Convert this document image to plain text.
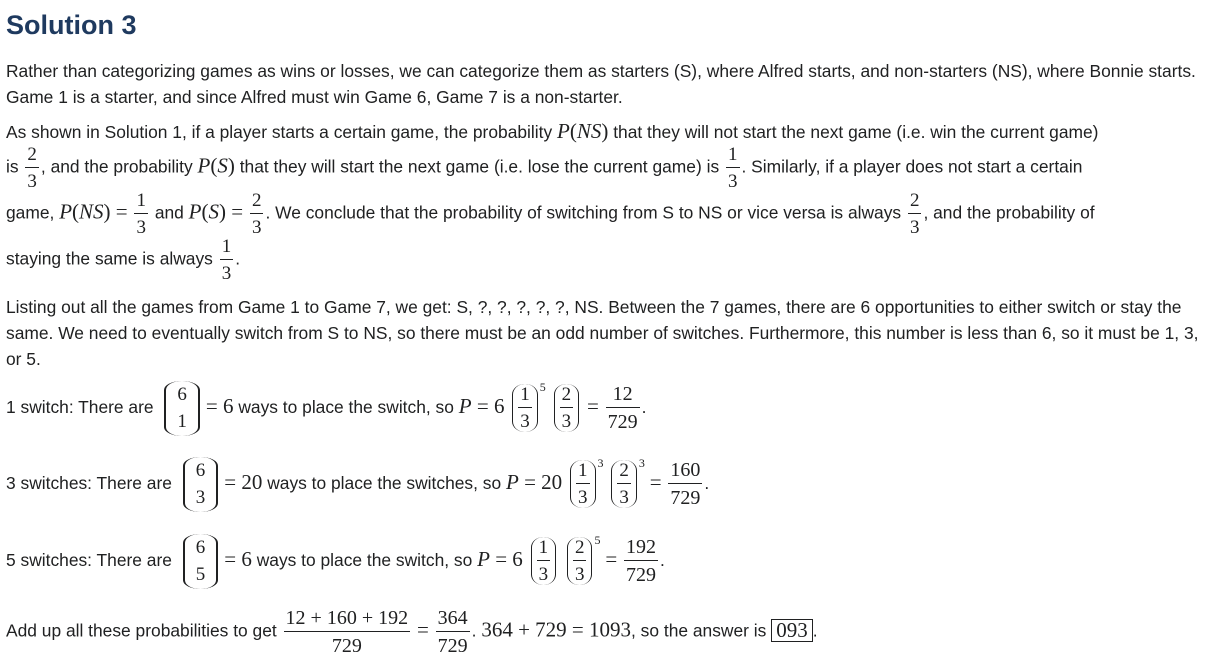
Solution 3

Rather than categorizing games as wins or losses, we can categorize them as starters (S), where Alfred starts, and non-starters (NS), where Bonnie starts. Game 1 is a starter, and since Alfred must win Game 6, Game 7 is a non-starter.

As shown in Solution 1, if a player starts a certain game, the probability P(NS) that they will not start the next game (i.e. win the current game)
is $\frac{2}{3}$ , and the probability P(S) that they will start the next game (i.e. lose the current game) is $\frac{1}{3}$ . Similarly, if a player does not start a certain
game, $P(NS) = \frac{1}{3}$ and $P(S) = \frac{2}{3}$ . We conclude that the probability of switching from S to NS or vice versa is always $\frac{2}{3}$ , and the probability of
staying the same is always $\frac{1}{3}$ .

Listing out all the games from Game 1 to Game 7, we get: S, ?, ?, ?, ?, ?, NS. Between the 7 games, there are 6 opportunities to either switch or stay the same. We need to eventually switch from S to NS, so there must be an odd number of switches. Furthermore, this number is less than 6, so it must be 1, 3, or 5.

1 switch: There are
6
1
= 6 ways to place the switch, so $P = 6 \frac{1}{3} ^5 \frac{2}{3} = \frac{12}{729}$ .
3 switches: There are
6
3
= 20 ways to place the switches, so $P = 20 \frac{1}{3} ^3 \frac{2}{3} ^3 = \frac{160}{729}$ .
5 switches: There are
6
5
= 6 ways to place the switch, so $P = 6 \frac{1}{3}$
$\frac{2}{3} ^5 = \frac{192}{729}$ .
Add up all these probabilities to get $\frac{12 + 160 + 192}{729} = \frac{364}{729}$ . 364 + 729 = 1093, so the answer is 093 .
